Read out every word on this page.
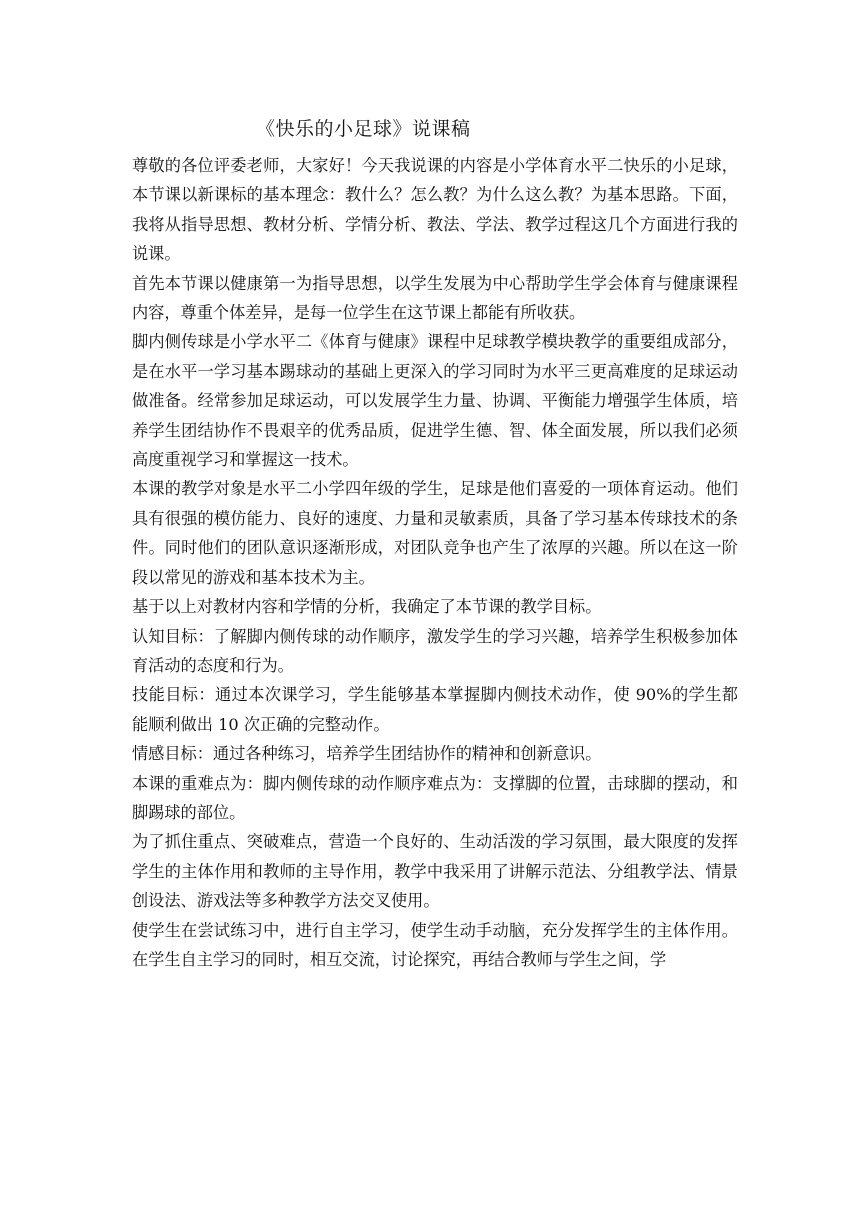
《快乐的小足球》说课稿

尊敬的各位评委老师，大家好！今天我说课的内容是小学体育水平二快乐的小足球，本节课以新课标的基本理念：教什么？怎么教？为什么这么教？为基本思路。下面，我将从指导思想、教材分析、学情分析、教法、学法、教学过程这几个方面进行我的说课。

首先本节课以健康第一为指导思想，以学生发展为中心帮助学生学会体育与健康课程内容，尊重个体差异，是每一位学生在这节课上都能有所收获。

脚内侧传球是小学水平二《体育与健康》课程中足球教学模块教学的重要组成部分，是在水平一学习基本踢球动的基础上更深入的学习同时为水平三更高难度的足球运动做准备。经常参加足球运动，可以发展学生力量、协调、平衡能力增强学生体质，培养学生团结协作不畏艰辛的优秀品质，促进学生德、智、体全面发展，所以我们必须高度重视学习和掌握这一技术。

本课的教学对象是水平二小学四年级的学生，足球是他们喜爱的一项体育运动。他们具有很强的模仿能力、良好的速度、力量和灵敏素质，具备了学习基本传球技术的条件。同时他们的团队意识逐渐形成，对团队竞争也产生了浓厚的兴趣。所以在这一阶段以常见的游戏和基本技术为主。

基于以上对教材内容和学情的分析，我确定了本节课的教学目标。

认知目标：了解脚内侧传球的动作顺序，激发学生的学习兴趣，培养学生积极参加体育活动的态度和行为。

技能目标：通过本次课学习，学生能够基本掌握脚内侧技术动作，使 90%的学生都能顺利做出 10 次正确的完整动作。

情感目标：通过各种练习，培养学生团结协作的精神和创新意识。

本课的重难点为：脚内侧传球的动作顺序难点为：支撑脚的位置，击球脚的摆动，和脚踢球的部位。

为了抓住重点、突破难点，营造一个良好的、生动活泼的学习氛围，最大限度的发挥学生的主体作用和教师的主导作用，教学中我采用了讲解示范法、分组教学法、情景创设法、游戏法等多种教学方法交叉使用。

使学生在尝试练习中，进行自主学习，使学生动手动脑，充分发挥学生的主体作用。在学生自主学习的同时，相互交流，讨论探究，再结合教师与学生之间，学
